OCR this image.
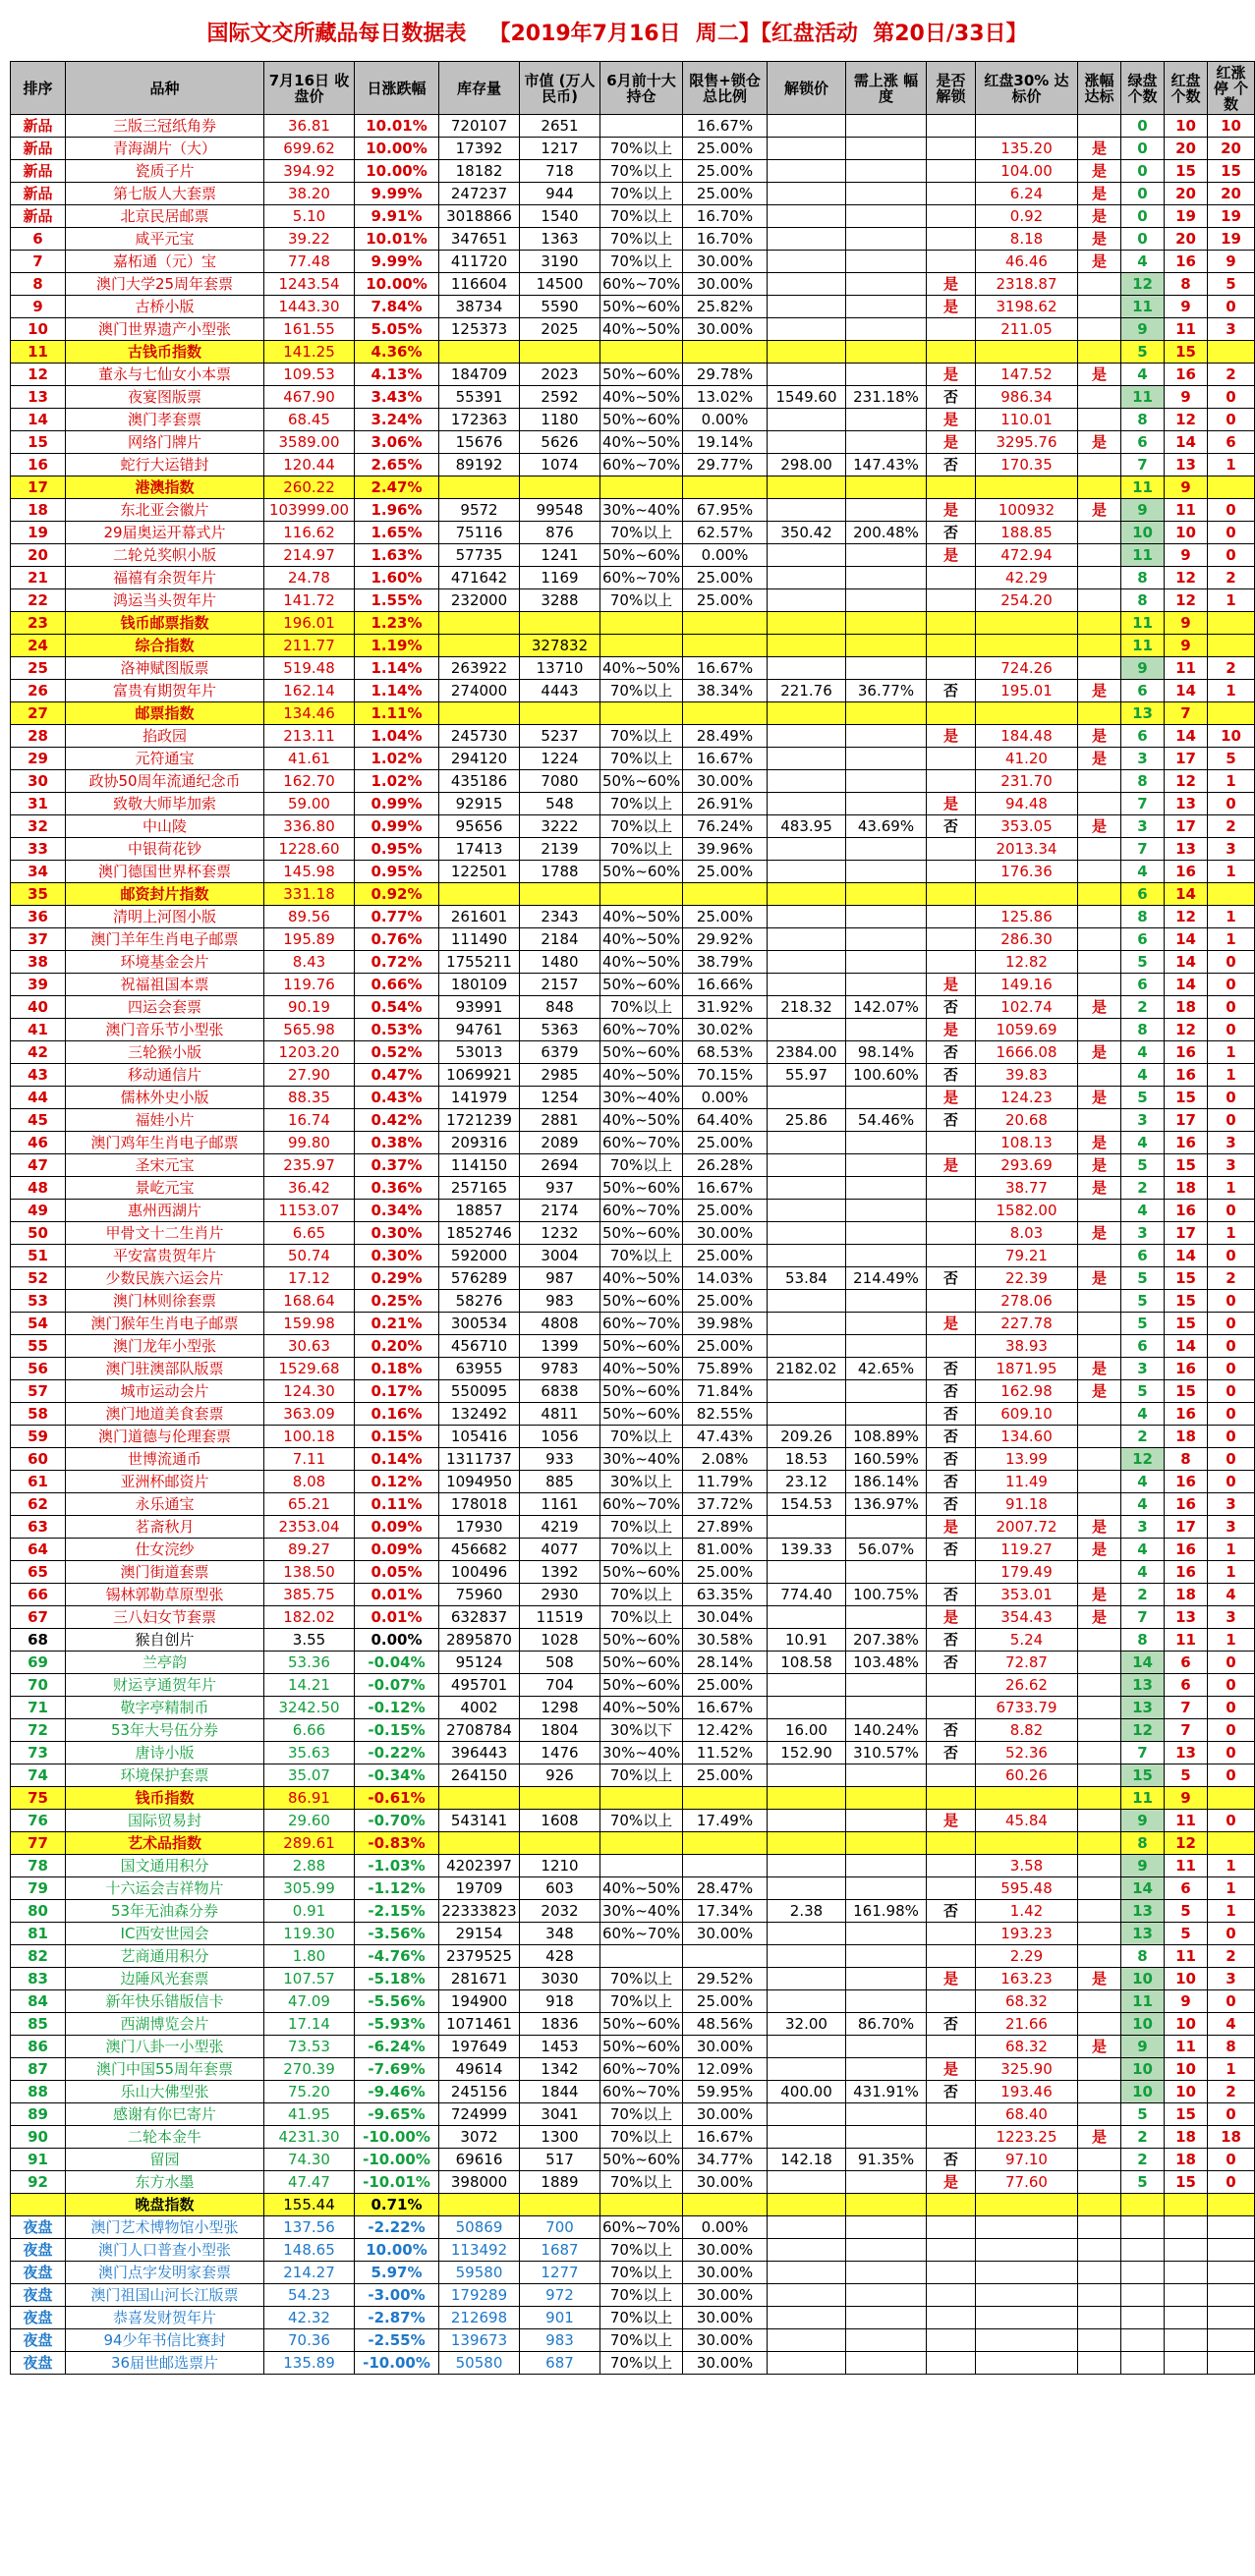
国际文交所藏品每日数据表   【2019年7月16日  周二】【红盘活动  第20日/33日】
排序	品种	7月16日 收盘价	日涨跌幅	库存量	市值 (万人民币)	6月前十大 持仓	限售+锁仓 总比例	解锁价	需上涨 幅度	是否 解锁	红盘30% 达标价	涨幅 达标	绿盘 个数	红盘 个数	红涨停 个数
新品	三版三冠纸角券	36.81	10.01%	720107	2651		16.67%						0	10	10
新品	青海湖片（大）	699.62	10.00%	17392	1217	70%以上	25.00%				135.20	是	0	20	20
新品	瓷质子片	394.92	10.00%	18182	718	70%以上	25.00%				104.00	是	0	15	15
新品	第七版人大套票	38.20	9.99%	247237	944	70%以上	25.00%				6.24	是	0	20	20
新品	北京民居邮票	5.10	9.91%	3018866	1540	70%以上	16.70%				0.92	是	0	19	19
6	咸平元宝	39.22	10.01%	347651	1363	70%以上	16.70%				8.18	是	0	20	19
7	嘉柘通（元）宝	77.48	9.99%	411720	3190	70%以上	30.00%				46.46	是	4	16	9
8	澳门大学25周年套票	1243.54	10.00%	116604	14500	60%~70%	30.00%			是	2318.87		12	8	5
9	古桥小版	1443.30	7.84%	38734	5590	50%~60%	25.82%			是	3198.62		11	9	0
10	澳门世界遗产小型张	161.55	5.05%	125373	2025	40%~50%	30.00%				211.05		9	11	3
11	古钱币指数	141.25	4.36%										5	15	
12	董永与七仙女小本票	109.53	4.13%	184709	2023	50%~60%	29.78%			是	147.52	是	4	16	2
13	夜宴图版票	467.90	3.43%	55391	2592	40%~50%	13.02%	1549.60	231.18%	否	986.34		11	9	0
14	澳门孝套票	68.45	3.24%	172363	1180	50%~60%	0.00%			是	110.01		8	12	0
15	网络门牌片	3589.00	3.06%	15676	5626	40%~50%	19.14%			是	3295.76	是	6	14	6
16	蛇行大运错封	120.44	2.65%	89192	1074	60%~70%	29.77%	298.00	147.43%	否	170.35		7	13	1
17	港澳指数	260.22	2.47%										11	9	
18	东北亚会徽片	103999.00	1.96%	9572	99548	30%~40%	67.95%			是	100932	是	9	11	0
19	29届奥运开幕式片	116.62	1.65%	75116	876	70%以上	62.57%	350.42	200.48%	否	188.85		10	10	0
20	二轮兑奖帜小版	214.97	1.63%	57735	1241	50%~60%	0.00%			是	472.94		11	9	0
21	福禧有余贺年片	24.78	1.60%	471642	1169	60%~70%	25.00%				42.29		8	12	2
22	鸿运当头贺年片	141.72	1.55%	232000	3288	70%以上	25.00%				254.20		8	12	1
23	钱币邮票指数	196.01	1.23%										11	9	
24	综合指数	211.77	1.19%		327832								11	9	
25	洛神赋图版票	519.48	1.14%	263922	13710	40%~50%	16.67%				724.26		9	11	2
26	富贵有期贺年片	162.14	1.14%	274000	4443	70%以上	38.34%	221.76	36.77%	否	195.01	是	6	14	1
27	邮票指数	134.46	1.11%										13	7	
28	掐政园	213.11	1.04%	245730	5237	70%以上	28.49%			是	184.48	是	6	14	10
29	元符通宝	41.61	1.02%	294120	1224	70%以上	16.67%				41.20	是	3	17	5
30	政协50周年流通纪念币	162.70	1.02%	435186	7080	50%~60%	30.00%				231.70		8	12	1
31	致敬大师毕加索	59.00	0.99%	92915	548	70%以上	26.91%			是	94.48		7	13	0
32	中山陵	336.80	0.99%	95656	3222	70%以上	76.24%	483.95	43.69%	否	353.05	是	3	17	2
33	中银荷花钞	1228.60	0.95%	17413	2139	70%以上	39.96%				2013.34		7	13	3
34	澳门德国世界杯套票	145.98	0.95%	122501	1788	50%~60%	25.00%				176.36		4	16	1
35	邮资封片指数	331.18	0.92%										6	14	
36	清明上河图小版	89.56	0.77%	261601	2343	40%~50%	25.00%				125.86		8	12	1
37	澳门羊年生肖电子邮票	195.89	0.76%	111490	2184	40%~50%	29.92%				286.30		6	14	1
38	环境基金会片	8.43	0.72%	1755211	1480	40%~50%	38.79%				12.82		5	14	0
39	祝福祖国本票	119.76	0.66%	180109	2157	50%~60%	16.66%			是	149.16		6	14	0
40	四运会套票	90.19	0.54%	93991	848	70%以上	31.92%	218.32	142.07%	否	102.74	是	2	18	0
41	澳门音乐节小型张	565.98	0.53%	94761	5363	60%~70%	30.02%			是	1059.69		8	12	0
42	三轮猴小版	1203.20	0.52%	53013	6379	50%~60%	68.53%	2384.00	98.14%	否	1666.08	是	4	16	1
43	移动通信片	27.90	0.47%	1069921	2985	40%~50%	70.15%	55.97	100.60%	否	39.83		4	16	1
44	儒林外史小版	88.35	0.43%	141979	1254	30%~40%	0.00%			是	124.23	是	5	15	0
45	福娃小片	16.74	0.42%	1721239	2881	40%~50%	64.40%	25.86	54.46%	否	20.68		3	17	0
46	澳门鸡年生肖电子邮票	99.80	0.38%	209316	2089	60%~70%	25.00%				108.13	是	4	16	3
47	圣宋元宝	235.97	0.37%	114150	2694	70%以上	26.28%			是	293.69	是	5	15	3
48	景屹元宝	36.42	0.36%	257165	937	50%~60%	16.67%				38.77	是	2	18	1
49	惠州西湖片	1153.07	0.34%	18857	2174	60%~70%	25.00%				1582.00		4	16	0
50	甲骨文十二生肖片	6.65	0.30%	1852746	1232	50%~60%	30.00%				8.03	是	3	17	1
51	平安富贵贺年片	50.74	0.30%	592000	3004	70%以上	25.00%				79.21		6	14	0
52	少数民族六运会片	17.12	0.29%	576289	987	40%~50%	14.03%	53.84	214.49%	否	22.39	是	5	15	2
53	澳门林则徐套票	168.64	0.25%	58276	983	50%~60%	25.00%				278.06		5	15	0
54	澳门猴年生肖电子邮票	159.98	0.21%	300534	4808	60%~70%	39.98%			是	227.78		5	15	0
55	澳门龙年小型张	30.63	0.20%	456710	1399	50%~60%	25.00%				38.93		6	14	0
56	澳门驻澳部队版票	1529.68	0.18%	63955	9783	40%~50%	75.89%	2182.02	42.65%	否	1871.95	是	3	16	0
57	城市运动会片	124.30	0.17%	550095	6838	50%~60%	71.84%			否	162.98	是	5	15	0
58	澳门地道美食套票	363.09	0.16%	132492	4811	50%~60%	82.55%			否	609.10		4	16	0
59	澳门道德与伦理套票	100.18	0.15%	105416	1056	70%以上	47.43%	209.26	108.89%	否	134.60		2	18	0
60	世博流通币	7.11	0.14%	1311737	933	30%~40%	2.08%	18.53	160.59%	否	13.99		12	8	0
61	亚洲杯邮资片	8.08	0.12%	1094950	885	30%以上	11.79%	23.12	186.14%	否	11.49		4	16	0
62	永乐通宝	65.21	0.11%	178018	1161	60%~70%	37.72%	154.53	136.97%	否	91.18		4	16	3
63	茗斋秋月	2353.04	0.09%	17930	4219	70%以上	27.89%			是	2007.72	是	3	17	3
64	仕女浣纱	89.27	0.09%	456682	4077	70%以上	81.00%	139.33	56.07%	否	119.27	是	4	16	1
65	澳门街道套票	138.50	0.05%	100496	1392	50%~60%	25.00%				179.49		4	16	1
66	锡林郭勒草原型张	385.75	0.01%	75960	2930	70%以上	63.35%	774.40	100.75%	否	353.01	是	2	18	4
67	三八妇女节套票	182.02	0.01%	632837	11519	70%以上	30.04%			是	354.43	是	7	13	3
68	猴自创片	3.55	0.00%	2895870	1028	50%~60%	30.58%	10.91	207.38%	否	5.24		8	11	1
69	兰亭韵	53.36	-0.04%	95124	508	50%~60%	28.14%	108.58	103.48%	否	72.87		14	6	0
70	财运亨通贺年片	14.21	-0.07%	495701	704	50%~60%	25.00%				26.62		13	6	0
71	敬字亭精制币	3242.50	-0.12%	4002	1298	40%~50%	16.67%				6733.79		13	7	0
72	53年大号伍分券	6.66	-0.15%	2708784	1804	30%以下	12.42%	16.00	140.24%	否	8.82		12	7	0
73	唐诗小版	35.63	-0.22%	396443	1476	30%~40%	11.52%	152.90	310.57%	否	52.36		7	13	0
74	环境保护套票	35.07	-0.34%	264150	926	70%以上	25.00%				60.26		15	5	0
75	钱币指数	86.91	-0.61%										11	9	
76	国际贸易封	29.60	-0.70%	543141	1608	70%以上	17.49%			是	45.84		9	11	0
77	艺术品指数	289.61	-0.83%										8	12	
78	国文通用积分	2.88	-1.03%	4202397	1210						3.58		9	11	1
79	十六运会吉祥物片	305.99	-1.12%	19709	603	40%~50%	28.47%				595.48		14	6	1
80	53年无油森分券	0.91	-2.15%	22333823	2032	30%~40%	17.34%	2.38	161.98%	否	1.42		13	5	1
81	IC西安世园会	119.30	-3.56%	29154	348	60%~70%	30.00%				193.23		13	5	0
82	艺商通用积分	1.80	-4.76%	2379525	428						2.29		8	11	2
83	边陲风光套票	107.57	-5.18%	281671	3030	70%以上	29.52%			是	163.23	是	10	10	3
84	新年快乐错版信卡	47.09	-5.56%	194900	918	70%以上	25.00%				68.32		11	9	0
85	西湖博览会片	17.14	-5.93%	1071461	1836	50%~60%	48.56%	32.00	86.70%	否	21.66		10	10	4
86	澳门八卦一小型张	73.53	-6.24%	197649	1453	50%~60%	30.00%				68.32	是	9	11	8
87	澳门中国55周年套票	270.39	-7.69%	49614	1342	60%~70%	12.09%			是	325.90		10	10	1
88	乐山大佛型张	75.20	-9.46%	245156	1844	60%~70%	59.95%	400.00	431.91%	否	193.46		10	10	2
89	感谢有你巳寄片	41.95	-9.65%	724999	3041	70%以上	30.00%				68.40		5	15	0
90	二轮本金牛	4231.30	-10.00%	3072	1300	70%以上	16.67%				1223.25	是	2	18	18
91	留园	74.30	-10.00%	69616	517	50%~60%	34.77%	142.18	91.35%	否	97.10		2	18	0
92	东方水墨	47.47	-10.01%	398000	1889	70%以上	30.00%			是	77.60		5	15	0
	晚盘指数	155.44	0.71%												
夜盘	澳门艺术博物馆小型张	137.56	-2.22%	50869	700	60%~70%	0.00%								
夜盘	澳门人口普查小型张	148.65	10.00%	113492	1687	70%以上	30.00%								
夜盘	澳门点字发明家套票	214.27	5.97%	59580	1277	70%以上	30.00%								
夜盘	澳门祖国山河长江版票	54.23	-3.00%	179289	972	70%以上	30.00%								
夜盘	恭喜发财贺年片	42.32	-2.87%	212698	901	70%以上	30.00%								
夜盘	94少年书信比赛封	70.36	-2.55%	139673	983	70%以上	30.00%								
夜盘	36届世邮选票片	135.89	-10.00%	50580	687	70%以上	30.00%								
